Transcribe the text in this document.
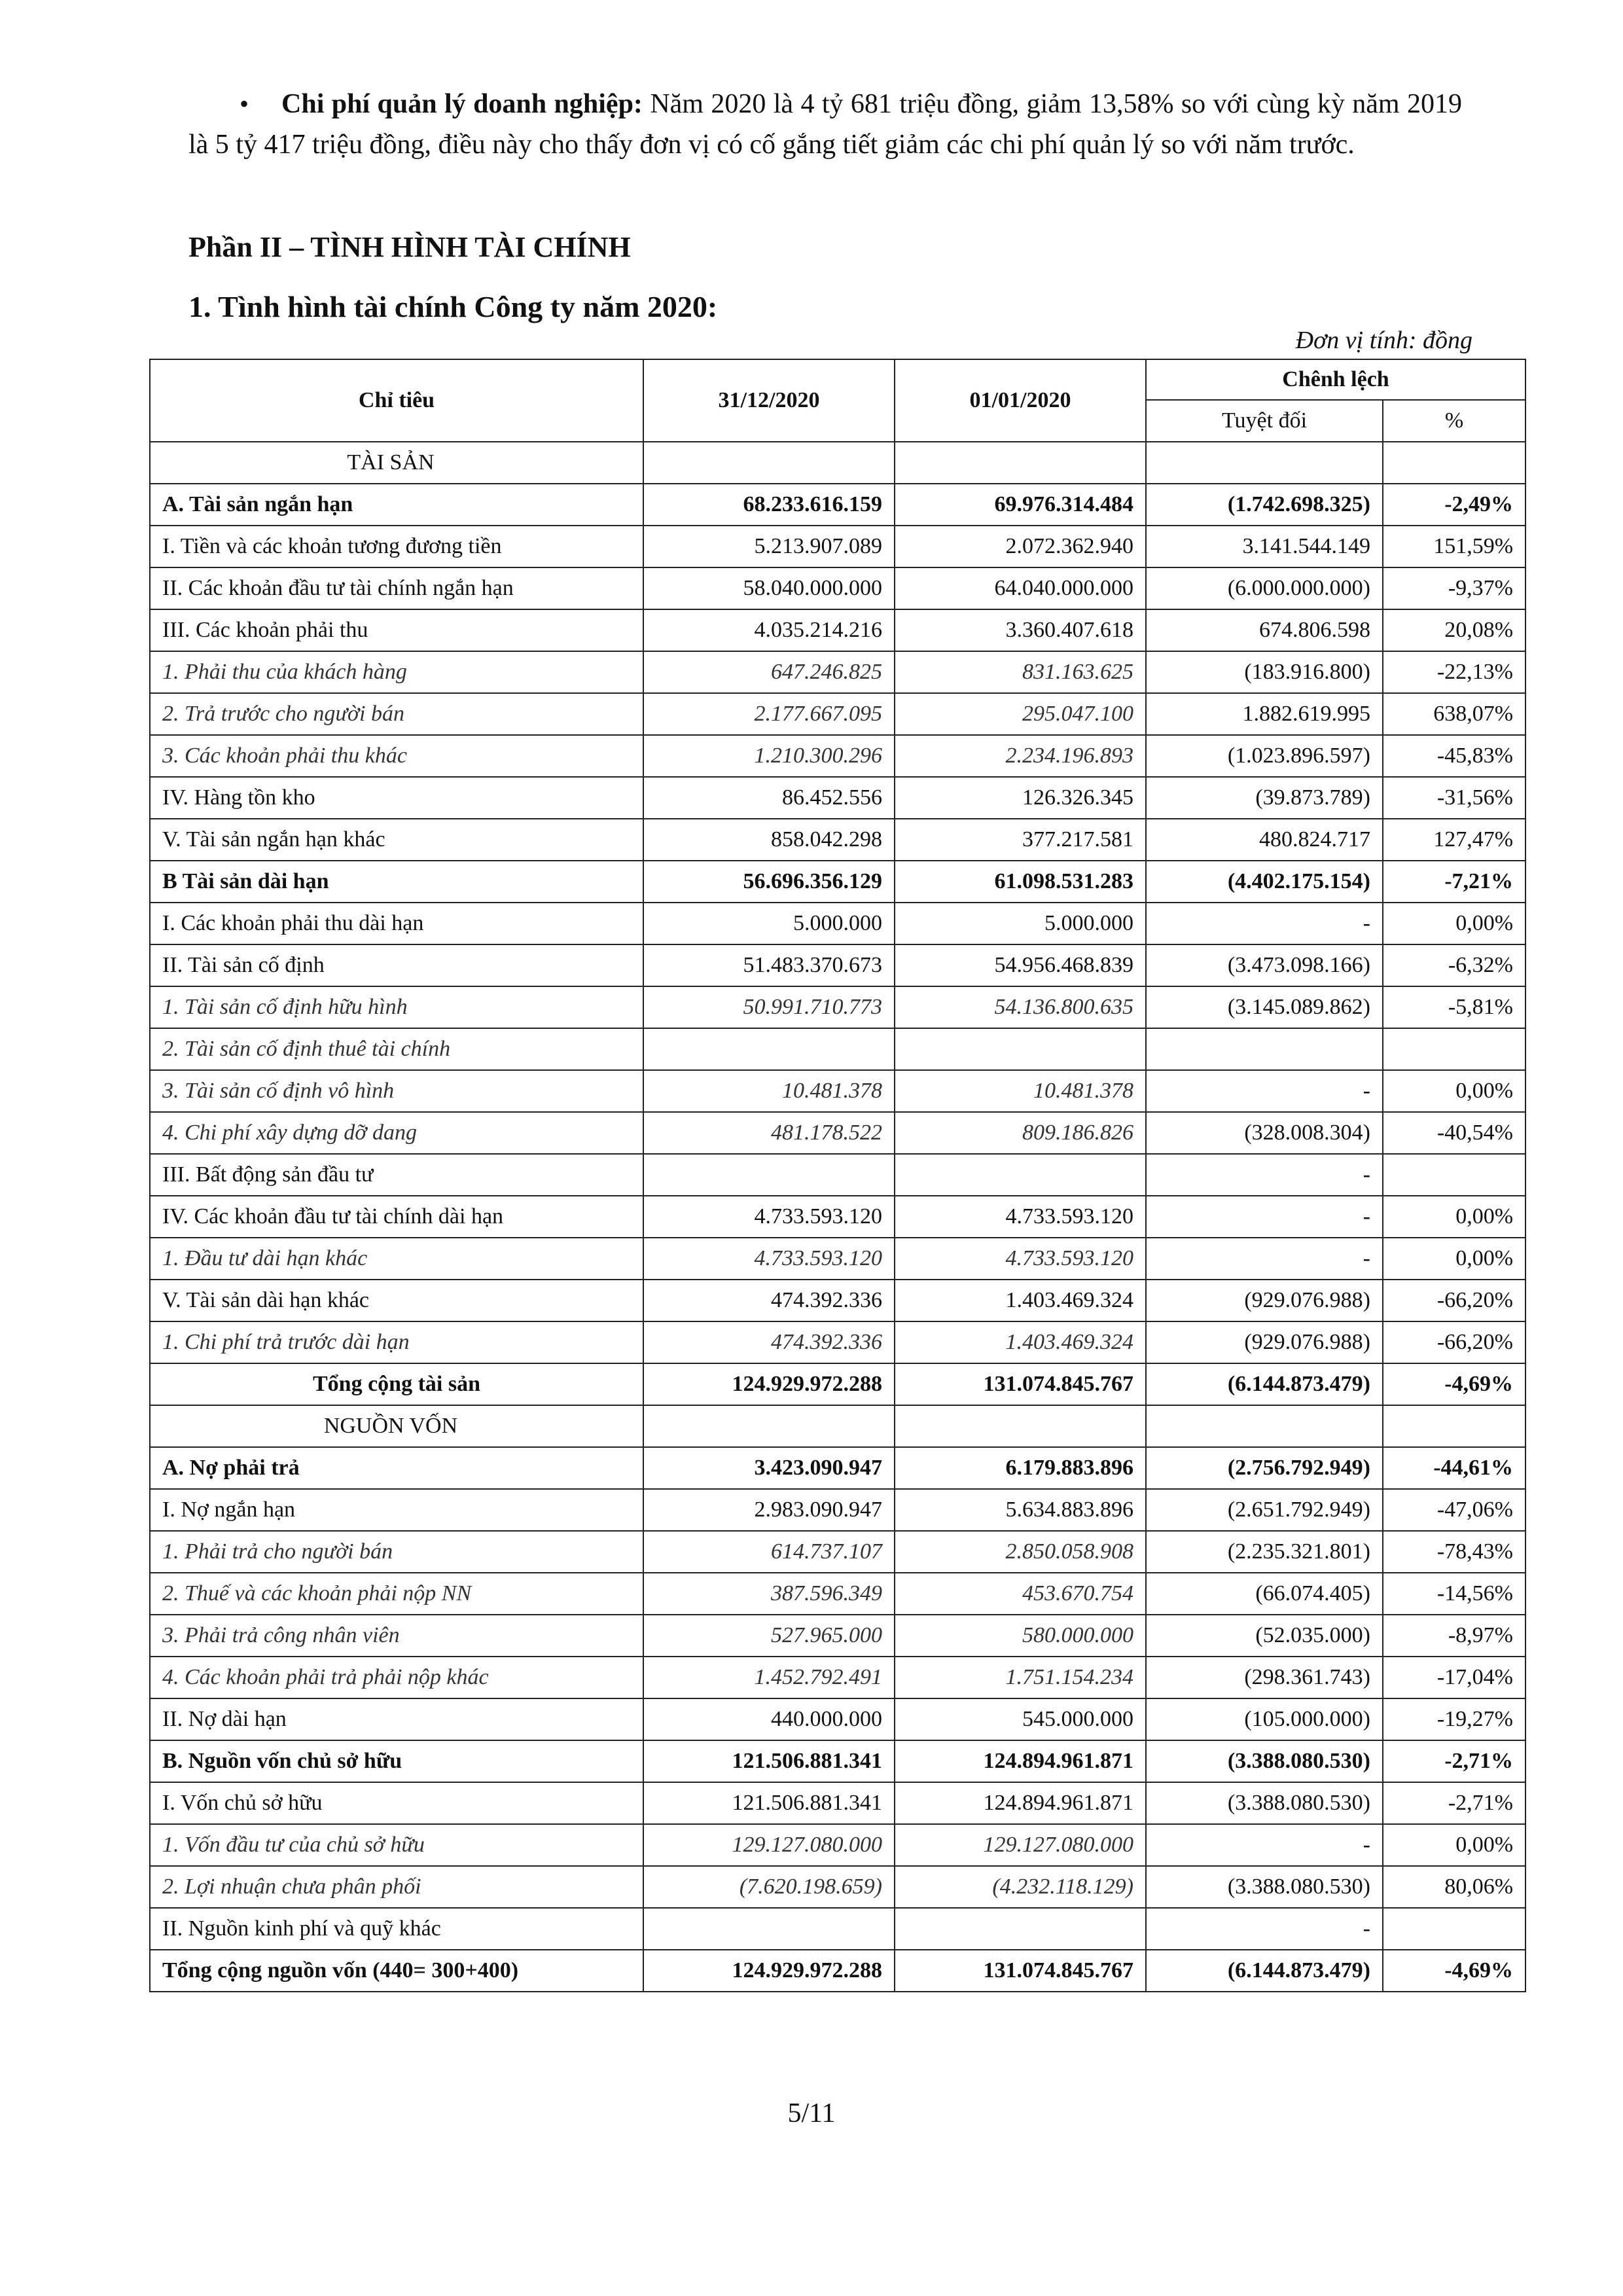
•	Chi phí quản lý doanh nghiệp: Năm 2020 là 4 tỷ 681 triệu đồng, giảm 13,58% so với cùng kỳ năm 2019 là 5 tỷ 417 triệu đồng, điều này cho thấy đơn vị có cố gắng tiết giảm các chi phí quản lý so với năm trước.

Phần II – TÌNH HÌNH TÀI CHÍNH
1. Tình hình tài chính Công ty năm 2020:
Đơn vị tính: đồng
Chỉ tiêu	31/12/2020	01/01/2020	Chênh lệch	
			Tuyệt đối	%
TÀI SẢN				
A. Tài sản ngắn hạn	68.233.616.159	69.976.314.484	(1.742.698.325)	-2,49%
I. Tiền và các khoản tương đương tiền	5.213.907.089	2.072.362.940	3.141.544.149	151,59%
II. Các khoản đầu tư tài chính ngắn hạn	58.040.000.000	64.040.000.000	(6.000.000.000)	-9,37%
III. Các khoản phải thu	4.035.214.216	3.360.407.618	674.806.598	20,08%
1. Phải thu của khách hàng	647.246.825	831.163.625	(183.916.800)	-22,13%
2. Trả trước cho người bán	2.177.667.095	295.047.100	1.882.619.995	638,07%
3. Các khoản phải thu khác	1.210.300.296	2.234.196.893	(1.023.896.597)	-45,83%
IV. Hàng tồn kho	86.452.556	126.326.345	(39.873.789)	-31,56%
V. Tài sản ngắn hạn khác	858.042.298	377.217.581	480.824.717	127,47%
B Tài sản dài hạn	56.696.356.129	61.098.531.283	(4.402.175.154)	-7,21%
I. Các khoản phải thu dài hạn	5.000.000	5.000.000	-	0,00%
II. Tài sản cố định	51.483.370.673	54.956.468.839	(3.473.098.166)	-6,32%
1. Tài sản cố định hữu hình	50.991.710.773	54.136.800.635	(3.145.089.862)	-5,81%
2. Tài sản cố định thuê tài chính				
3. Tài sản cố định vô hình	10.481.378	10.481.378	-	0,00%
4. Chi phí xây dựng dỡ dang	481.178.522	809.186.826	(328.008.304)	-40,54%
III. Bất động sản đầu tư			-	
IV. Các khoản đầu tư tài chính dài hạn	4.733.593.120	4.733.593.120	-	0,00%
1. Đầu tư dài hạn khác	4.733.593.120	4.733.593.120	-	0,00%
V. Tài sản dài hạn khác	474.392.336	1.403.469.324	(929.076.988)	-66,20%
1. Chi phí trả trước dài hạn	474.392.336	1.403.469.324	(929.076.988)	-66,20%
Tổng cộng tài sản	124.929.972.288	131.074.845.767	(6.144.873.479)	-4,69%
NGUỒN VỐN				
A. Nợ phải trả	3.423.090.947	6.179.883.896	(2.756.792.949)	-44,61%
I. Nợ ngắn hạn	2.983.090.947	5.634.883.896	(2.651.792.949)	-47,06%
1. Phải trả cho người bán	614.737.107	2.850.058.908	(2.235.321.801)	-78,43%
2. Thuế và các khoản phải nộp NN	387.596.349	453.670.754	(66.074.405)	-14,56%
3. Phải trả công nhân viên	527.965.000	580.000.000	(52.035.000)	-8,97%
4. Các khoản phải trả phải nộp khác	1.452.792.491	1.751.154.234	(298.361.743)	-17,04%
II. Nợ dài hạn	440.000.000	545.000.000	(105.000.000)	-19,27%
B. Nguồn vốn chủ sở hữu	121.506.881.341	124.894.961.871	(3.388.080.530)	-2,71%
I. Vốn chủ sở hữu	121.506.881.341	124.894.961.871	(3.388.080.530)	-2,71%
1. Vốn đầu tư của chủ sở hữu	129.127.080.000	129.127.080.000	-	0,00%
2. Lợi nhuận chưa phân phối	(7.620.198.659)	(4.232.118.129)	(3.388.080.530)	80,06%
II. Nguồn kinh phí và quỹ khác			-	
Tổng cộng nguồn vốn (440= 300+400)	124.929.972.288	131.074.845.767	(6.144.873.479)	-4,69%
5/11
